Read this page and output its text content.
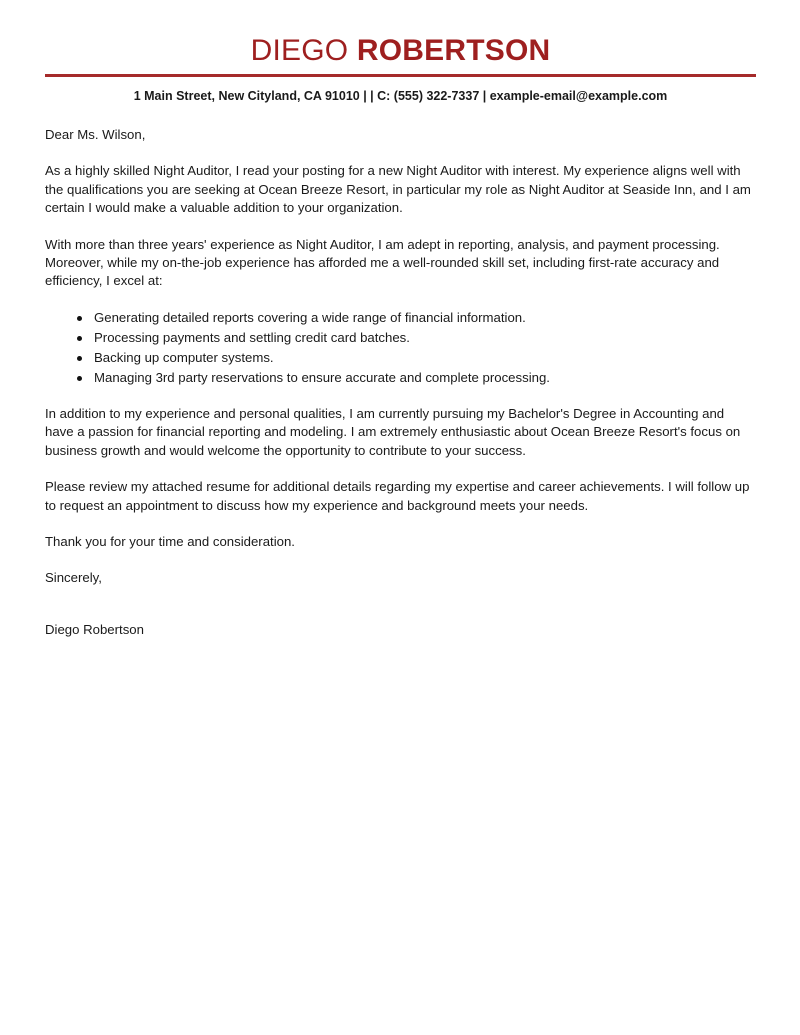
DIEGO ROBERTSON
1 Main Street, New Cityland, CA 91010 | | C: (555) 322-7337 | example-email@example.com

Dear Ms. Wilson,

As a highly skilled Night Auditor, I read your posting for a new Night Auditor with interest. My experience aligns well with the qualifications you are seeking at Ocean Breeze Resort, in particular my role as Night Auditor at Seaside Inn, and I am certain I would make a valuable addition to your organization.

With more than three years' experience as Night Auditor, I am adept in reporting, analysis, and payment processing. Moreover, while my on-the-job experience has afforded me a well-rounded skill set, including first-rate accuracy and efficiency, I excel at:

Generating detailed reports covering a wide range of financial information.
Processing payments and settling credit card batches.
Backing up computer systems.
Managing 3rd party reservations to ensure accurate and complete processing.

In addition to my experience and personal qualities, I am currently pursuing my Bachelor's Degree in Accounting and have a passion for financial reporting and modeling. I am extremely enthusiastic about Ocean Breeze Resort's focus on business growth and would welcome the opportunity to contribute to your success.

Please review my attached resume for additional details regarding my expertise and career achievements. I will follow up to request an appointment to discuss how my experience and background meets your needs.

Thank you for your time and consideration.

Sincerely,

Diego Robertson
